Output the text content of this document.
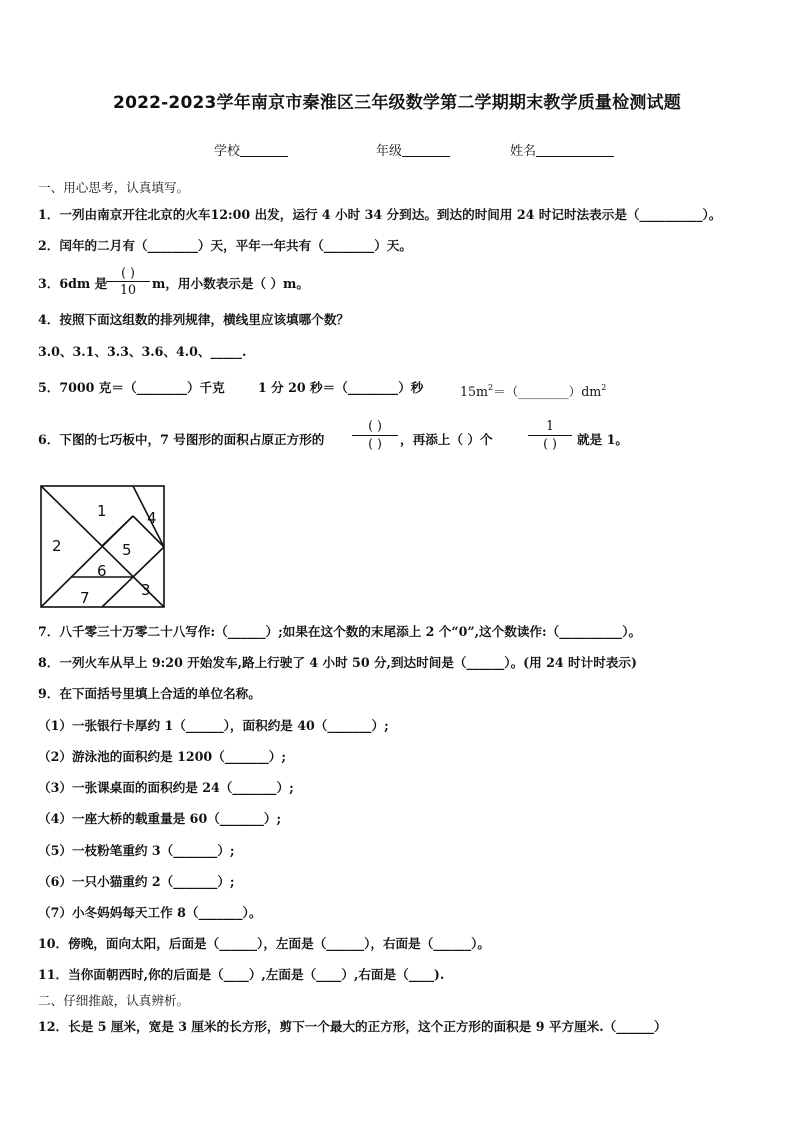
2022-2023学年南京市秦淮区三年级数学第二学期期末教学质量检测试题
学校	年级	姓名
一、用心思考，认真填写。
1．一列由南京开往北京的火车12:00 出发，运行 4 小时 34 分到达。到达的时间用 24 时记时法表示是（__________）。
2．闰年的二月有（________）天，平年一年共有（________）天。
3．6dm 是
( )
10	m，用小数表示是（ ）m。
4．按照下面这组数的排列规律，横线里应该填哪个数？
3.0、3.1、3.3、3.6、4.0、_____.
5．7000 克＝（________）千克	1 分 20 秒＝（________）秒	$15m^2=(\_\_\_\_\_\_\_\_)dm^2$
6．下图的七巧板中，7 号图形的面积占原正方形的
( )
( )	，再添上（ ）个
1
( )	就是 1。
1
2
3
4
5
6
7
7．八千零三十万零二十八写作:（______）;如果在这个数的末尾添上 2 个“0”,这个数读作:（__________）。
8．一列火车从早上 9:20 开始发车,路上行驶了 4 小时 50 分,到达时间是（______）。(用 24 时计时表示)
9．在下面括号里填上合适的单位名称。
（1）一张银行卡厚约 1（______），面积约是 40（_______）;
（2）游泳池的面积约是 1200（_______）;
（3）一张课桌面的面积约是 24（_______）;
（4）一座大桥的载重量是 60（_______）;
（5）一枝粉笔重约 3（_______）;
（6）一只小猫重约 2（_______）;
（7）小冬妈妈每天工作 8（_______）。
10．傍晚，面向太阳，后面是（______），左面是（______），右面是（______）。
11．当你面朝西时,你的后面是（____）,左面是（____）,右面是（____).
二、仔细推敲，认真辨析。
12．长是 5 厘米，宽是 3 厘米的长方形，剪下一个最大的正方形，这个正方形的面积是 9 平方厘米.（______）
